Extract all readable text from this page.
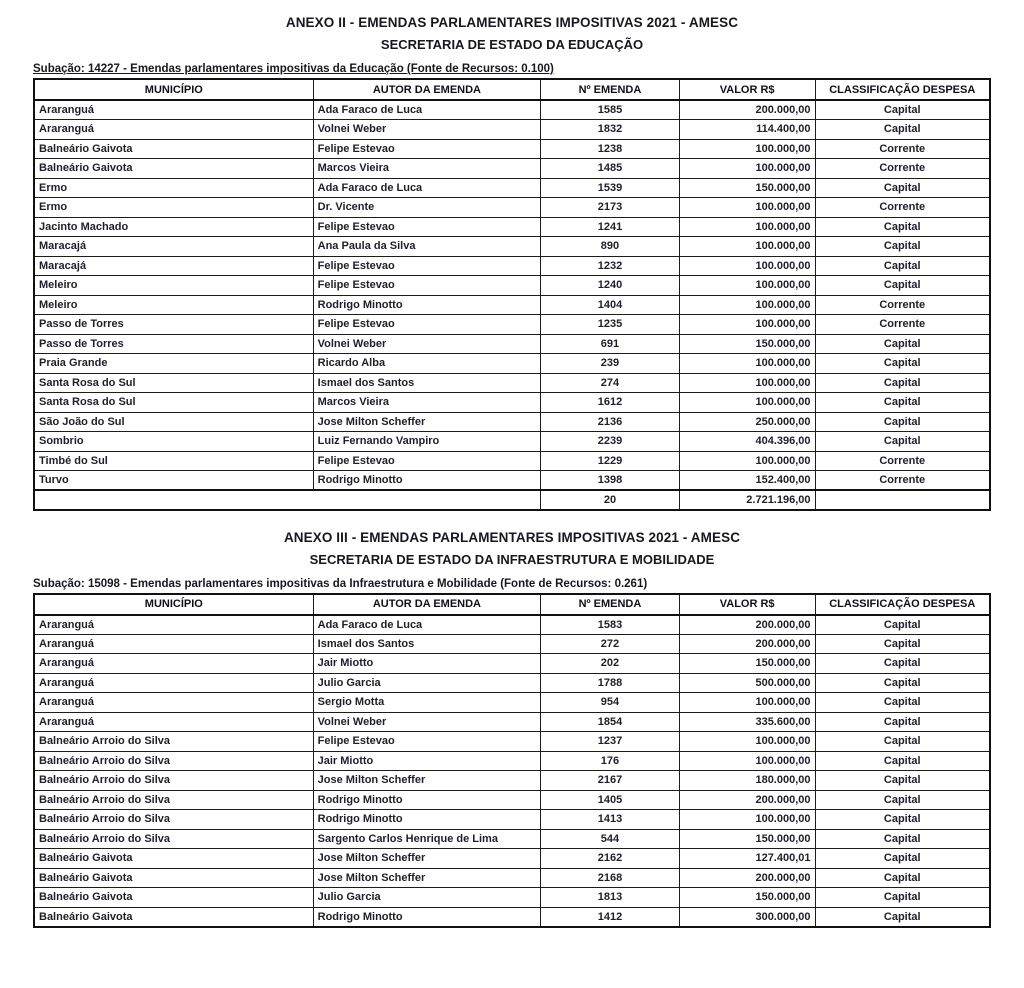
ANEXO II - EMENDAS PARLAMENTARES IMPOSITIVAS 2021 - AMESC
SECRETARIA DE ESTADO DA EDUCAÇÃO
Subação: 14227 - Emendas parlamentares impositivas da Educação (Fonte de Recursos: 0.100)
MUNICÍPIO	AUTOR DA EMENDA	Nº EMENDA	VALOR R$	CLASSIFICAÇÃO DESPESA
Araranguá	Ada Faraco de Luca	1585	200.000,00	Capital
Araranguá	Volnei Weber	1832	114.400,00	Capital
Balneário Gaivota	Felipe Estevao	1238	100.000,00	Corrente
Balneário Gaivota	Marcos Vieira	1485	100.000,00	Corrente
Ermo	Ada Faraco de Luca	1539	150.000,00	Capital
Ermo	Dr. Vicente	2173	100.000,00	Corrente
Jacinto Machado	Felipe Estevao	1241	100.000,00	Capital
Maracajá	Ana Paula da Silva	890	100.000,00	Capital
Maracajá	Felipe Estevao	1232	100.000,00	Capital
Meleiro	Felipe Estevao	1240	100.000,00	Capital
Meleiro	Rodrigo Minotto	1404	100.000,00	Corrente
Passo de Torres	Felipe Estevao	1235	100.000,00	Corrente
Passo de Torres	Volnei Weber	691	150.000,00	Capital
Praia Grande	Ricardo Alba	239	100.000,00	Capital
Santa Rosa do Sul	Ismael dos Santos	274	100.000,00	Capital
Santa Rosa do Sul	Marcos Vieira	1612	100.000,00	Capital
São João do Sul	Jose Milton Scheffer	2136	250.000,00	Capital
Sombrio	Luiz Fernando Vampiro	2239	404.396,00	Capital
Timbé do Sul	Felipe Estevao	1229	100.000,00	Corrente
Turvo	Rodrigo Minotto	1398	152.400,00	Corrente
		20	2.721.196,00	
ANEXO III - EMENDAS PARLAMENTARES IMPOSITIVAS 2021 - AMESC
SECRETARIA DE ESTADO DA INFRAESTRUTURA E MOBILIDADE
Subação: 15098 - Emendas parlamentares impositivas da Infraestrutura e Mobilidade (Fonte de Recursos: 0.261)
MUNICÍPIO	AUTOR DA EMENDA	Nº EMENDA	VALOR R$	CLASSIFICAÇÃO DESPESA
Araranguá	Ada Faraco de Luca	1583	200.000,00	Capital
Araranguá	Ismael dos Santos	272	200.000,00	Capital
Araranguá	Jair Miotto	202	150.000,00	Capital
Araranguá	Julio Garcia	1788	500.000,00	Capital
Araranguá	Sergio Motta	954	100.000,00	Capital
Araranguá	Volnei Weber	1854	335.600,00	Capital
Balneário Arroio do Silva	Felipe Estevao	1237	100.000,00	Capital
Balneário Arroio do Silva	Jair Miotto	176	100.000,00	Capital
Balneário Arroio do Silva	Jose Milton Scheffer	2167	180.000,00	Capital
Balneário Arroio do Silva	Rodrigo Minotto	1405	200.000,00	Capital
Balneário Arroio do Silva	Rodrigo Minotto	1413	100.000,00	Capital
Balneário Arroio do Silva	Sargento Carlos Henrique de Lima	544	150.000,00	Capital
Balneário Gaivota	Jose Milton Scheffer	2162	127.400,01	Capital
Balneário Gaivota	Jose Milton Scheffer	2168	200.000,00	Capital
Balneário Gaivota	Julio Garcia	1813	150.000,00	Capital
Balneário Gaivota	Rodrigo Minotto	1412	300.000,00	Capital
